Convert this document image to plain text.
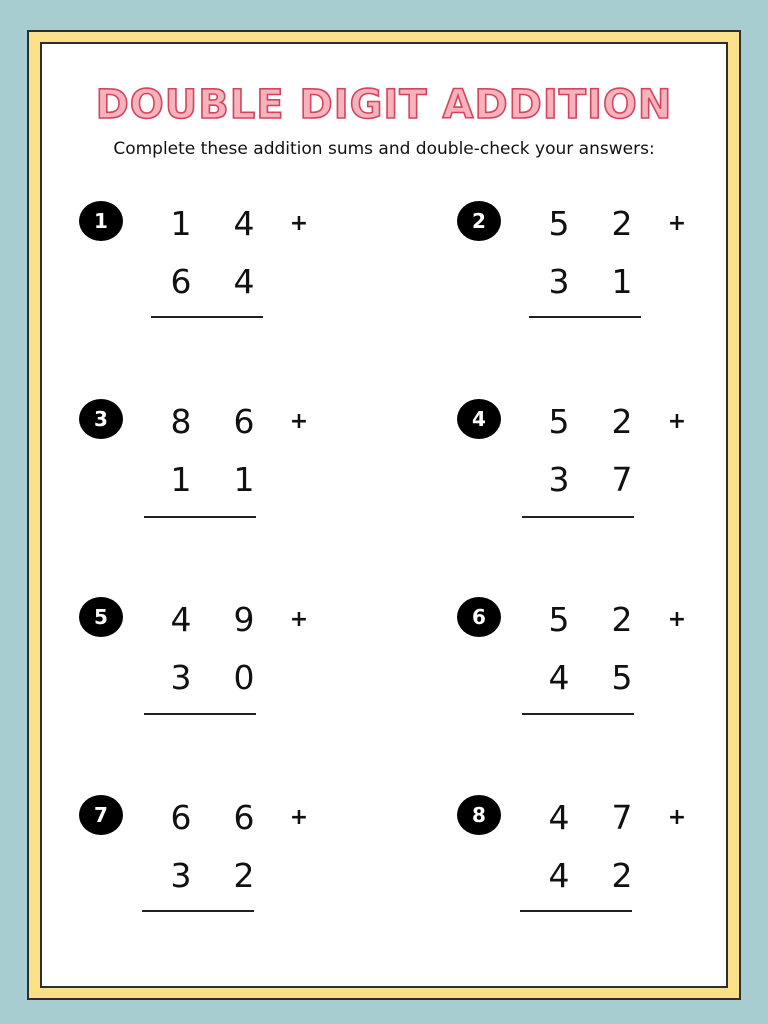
DOUBLE DIGIT ADDITION

Complete these addition sums and double-check your answers:

1	1 4	+
6 4
2	5 2	+
3 1
3	8 6	+
1 1
4	5 2	+
3 7
5	4 9	+
3 0
6	5 2	+
4 5
7	6 6	+
3 2
8	4 7	+
4 2
